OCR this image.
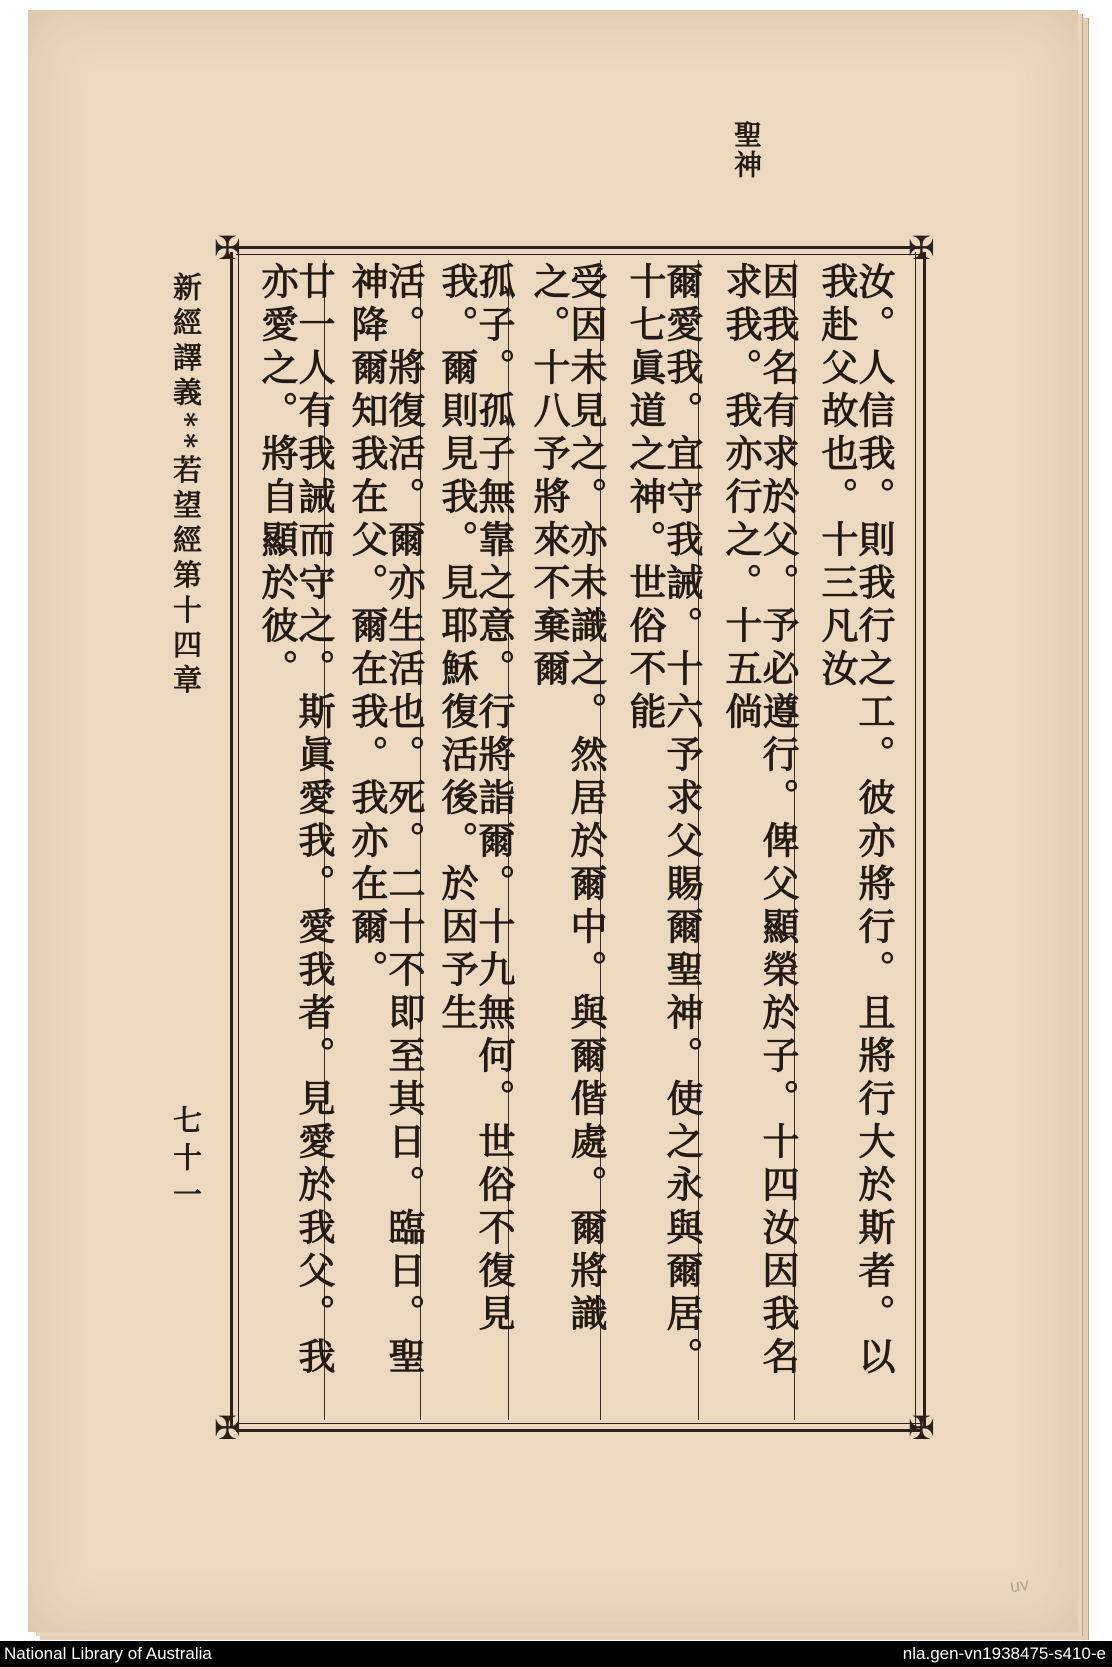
聖神
✠	✠
✠	✠
汝。人信我。則我行之工。彼亦將行。且將行大於斯者。以我赴父故也。十三凡汝
因我名有求於父。予必遵行。俾父顯榮於子。十四汝因我名求我。我亦行之。十五倘
爾愛我。宜守我誡。十六予求父賜爾聖神。使之永與爾居。十七眞道之神。世俗不能
受因未見之。亦未識之。然居於爾中。與爾偕處。爾將識之。十八予將來不棄爾
孤子。孤子無靠之意。行將詣爾。十九無何。世俗不復見我。爾則見我。見耶穌復活後。於因予生
活。將復活。爾亦生活也。死。二十不即至其日。臨日。聖神降爾知我在父。爾在我。我亦在爾。
廿一人有我誡而守之。斯眞愛我。愛我者。見愛於我父。我亦愛之。將自顯於彼。
新經譯義**若望經第十四章
七十一
uv
National Library of Australia	nla.gen-vn1938475-s410-e
